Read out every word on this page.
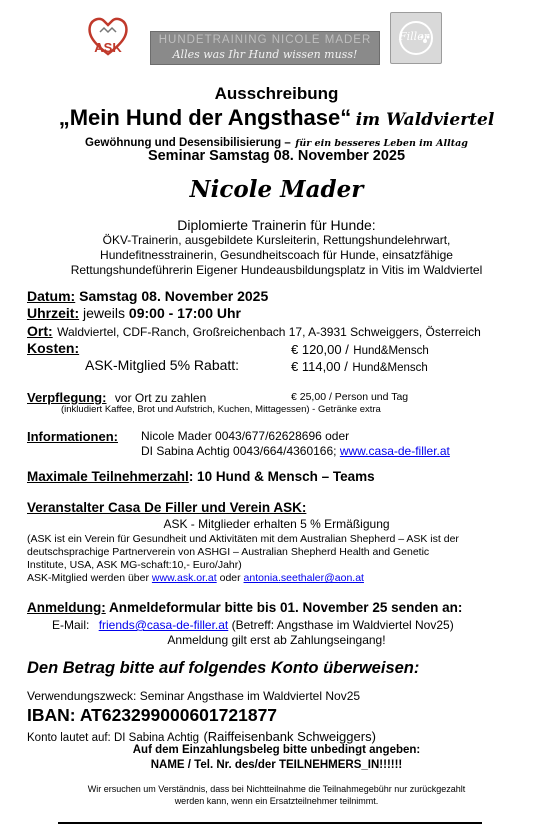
ASK	HUNDETRAINING NICOLE MADER
Alles was Ihr Hund wissen muss!
Filler
Ausschreibung
„Mein Hund der Angsthase“ im Waldviertel
Gewöhnung und Desensibilisierung – für ein besseres Leben im Alltag
Seminar Samstag 08. November 2025
Nicole Mader
Diplomierte Trainerin für Hunde:
ÖKV-Trainerin, ausgebildete Kursleiterin, Rettungshundelehrwart,
Hundefitnesstrainerin, Gesundheitscoach für Hunde, einsatzfähige
Rettungshundeführerin Eigener Hundeausbildungsplatz in Vitis im Waldviertel
Datum: Samstag 08. November 2025
Uhrzeit: jeweils 09:00 - 17:00 Uhr
Ort: Waldviertel, CDF-Ranch, Großreichenbach 17, A-3931 Schweiggers, Österreich
Kosten:	€ 120,00 / Hund&Mensch
ASK-Mitglied 5% Rabatt:	€ 114,00 / Hund&Mensch
Verpflegung: vor Ort zu zahlen	€ 25,00 / Person und Tag
(inkludiert Kaffee, Brot und Aufstrich, Kuchen, Mittagessen) - Getränke extra
Informationen: Nicole Mader 0043/677/62628696 oder
DI Sabina Achtig 0043/664/4360166; www.casa-de-filler.at
Maximale Teilnehmerzahl: 10 Hund & Mensch – Teams
Veranstalter Casa De Filler und Verein ASK:
ASK - Mitglieder erhalten 5 % Ermäßigung
(ASK ist ein Verein für Gesundheit und Aktivitäten mit dem Australian Shepherd – ASK ist der
deutschsprachige Partnerverein von ASHGI – Australian Shepherd Health and Genetic
Institute, USA, ASK MG-schaft:10,- Euro/Jahr)
ASK-Mitglied werden über www.ask.or.at oder antonia.seethaler@aon.at
Anmeldung: Anmeldeformular bitte bis 01. November 25 senden an:
E-Mail: friends@casa-de-filler.at (Betreff: Angsthase im Waldviertel Nov25)
Anmeldung gilt erst ab Zahlungseingang!
Den Betrag bitte auf folgendes Konto überweisen:
Verwendungszweck: Seminar Angsthase im Waldviertel Nov25
IBAN: AT623299000601721877
Konto lautet auf: DI Sabina Achtig (Raiffeisenbank Schweiggers)
Auf dem Einzahlungsbeleg bitte unbedingt angeben:
NAME / Tel. Nr. des/der TEILNEHMERS_IN!!!!!!
Wir ersuchen um Verständnis, dass bei Nichtteilnahme die Teilnahmegebühr nur zurückgezahlt
werden kann, wenn ein Ersatzteilnehmer teilnimmt.
